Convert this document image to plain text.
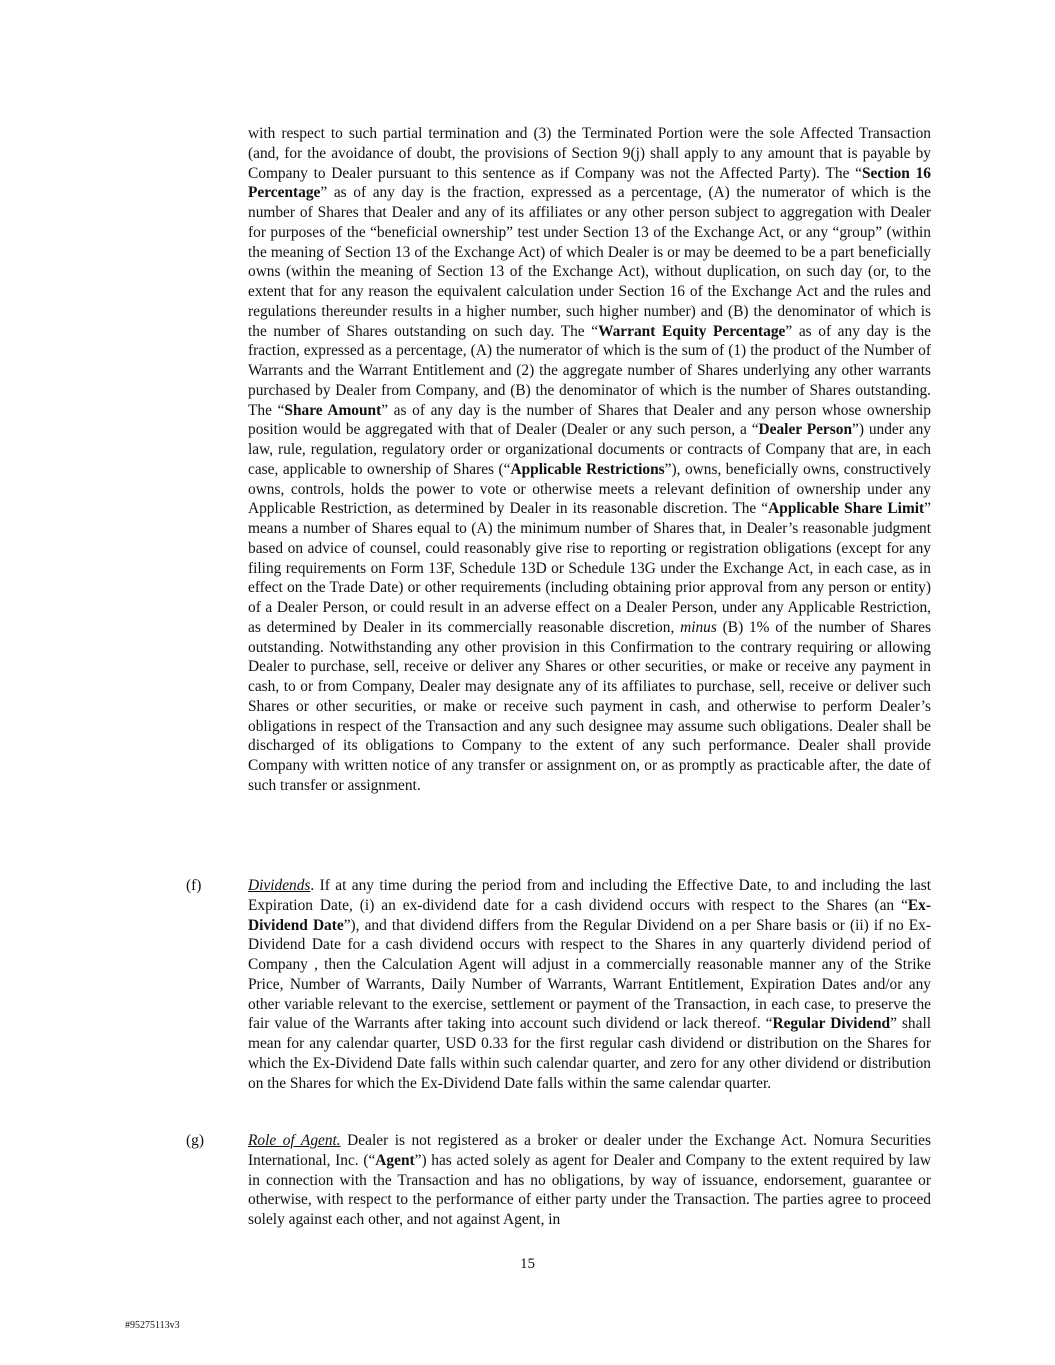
with respect to such partial termination and (3) the Terminated Portion were the sole Affected Transaction (and, for the avoidance of doubt, the provisions of Section 9(j) shall apply to any amount that is payable by Company to Dealer pursuant to this sentence as if Company was not the Affected Party). The “Section 16 Percentage” as of any day is the fraction, expressed as a percentage, (A) the numerator of which is the number of Shares that Dealer and any of its affiliates or any other person subject to aggregation with Dealer for purposes of the “beneficial ownership” test under Section 13 of the Exchange Act, or any “group” (within the meaning of Section 13 of the Exchange Act) of which Dealer is or may be deemed to be a part beneficially owns (within the meaning of Section 13 of the Exchange Act), without duplication, on such day (or, to the extent that for any reason the equivalent calculation under Section 16 of the Exchange Act and the rules and regulations thereunder results in a higher number, such higher number) and (B) the denominator of which is the number of Shares outstanding on such day. The “Warrant Equity Percentage” as of any day is the fraction, expressed as a percentage, (A) the numerator of which is the sum of (1) the product of the Number of Warrants and the Warrant Entitlement and (2) the aggregate number of Shares underlying any other warrants purchased by Dealer from Company, and (B) the denominator of which is the number of Shares outstanding. The “Share Amount” as of any day is the number of Shares that Dealer and any person whose ownership position would be aggregated with that of Dealer (Dealer or any such person, a “Dealer Person”) under any law, rule, regulation, regulatory order or organizational documents or contracts of Company that are, in each case, applicable to ownership of Shares (“Applicable Restrictions”), owns, beneficially owns, constructively owns, controls, holds the power to vote or otherwise meets a relevant definition of ownership under any Applicable Restriction, as determined by Dealer in its reasonable discretion. The “Applicable Share Limit” means a number of Shares equal to (A) the minimum number of Shares that, in Dealer’s reasonable judgment based on advice of counsel, could reasonably give rise to reporting or registration obligations (except for any filing requirements on Form 13F, Schedule 13D or Schedule 13G under the Exchange Act, in each case, as in effect on the Trade Date) or other requirements (including obtaining prior approval from any person or entity) of a Dealer Person, or could result in an adverse effect on a Dealer Person, under any Applicable Restriction, as determined by Dealer in its commercially reasonable discretion, minus (B) 1% of the number of Shares outstanding. Notwithstanding any other provision in this Confirmation to the contrary requiring or allowing Dealer to purchase, sell, receive or deliver any Shares or other securities, or make or receive any payment in cash, to or from Company, Dealer may designate any of its affiliates to purchase, sell, receive or deliver such Shares or other securities, or make or receive such payment in cash, and otherwise to perform Dealer’s obligations in respect of the Transaction and any such designee may assume such obligations. Dealer shall be discharged of its obligations to Company to the extent of any such performance. Dealer shall provide Company with written notice of any transfer or assignment on, or as promptly as practicable after, the date of such transfer or assignment.

(f)	Dividends. If at any time during the period from and including the Effective Date, to and including the last Expiration Date, (i) an ex-dividend date for a cash dividend occurs with respect to the Shares (an “Ex-Dividend Date”), and that dividend differs from the Regular Dividend on a per Share basis or (ii) if no Ex-Dividend Date for a cash dividend occurs with respect to the Shares in any quarterly dividend period of Company , then the Calculation Agent will adjust in a commercially reasonable manner any of the Strike Price, Number of Warrants, Daily Number of Warrants, Warrant Entitlement, Expiration Dates and/or any other variable relevant to the exercise, settlement or payment of the Transaction, in each case, to preserve the fair value of the Warrants after taking into account such dividend or lack thereof. “Regular Dividend” shall mean for any calendar quarter, USD 0.33 for the first regular cash dividend or distribution on the Shares for which the Ex-Dividend Date falls within such calendar quarter, and zero for any other dividend or distribution on the Shares for which the Ex-Dividend Date falls within the same calendar quarter.

(g)	Role of Agent. Dealer is not registered as a broker or dealer under the Exchange Act. Nomura Securities International, Inc. (“Agent”) has acted solely as agent for Dealer and Company to the extent required by law in connection with the Transaction and has no obligations, by way of issuance, endorsement, guarantee or otherwise, with respect to the performance of either party under the Transaction. The parties agree to proceed solely against each other, and not against Agent, in

15
#95275113v3
